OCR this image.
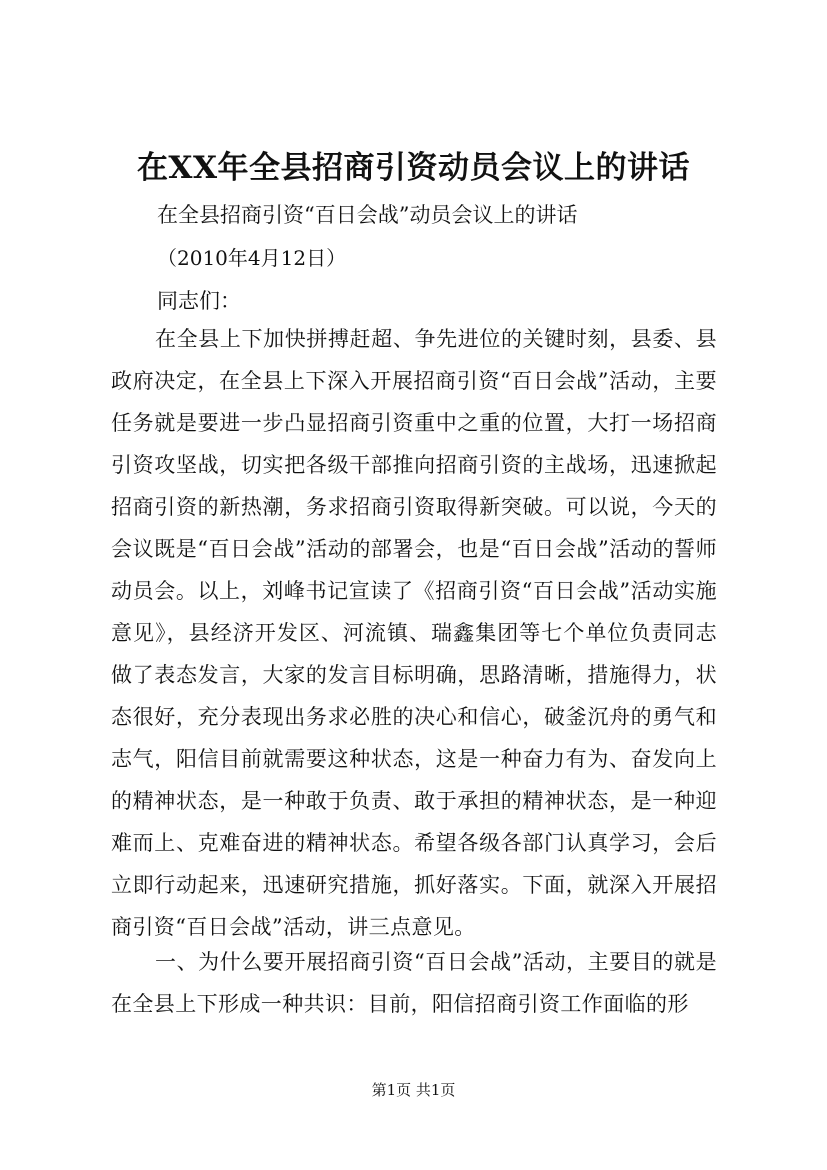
在XX年全县招商引资动员会议上的讲话

在全县招商引资“百日会战”动员会议上的讲话

（2010年4月12日）

同志们：

在全县上下加快拼搏赶超、争先进位的关键时刻，县委、县政府决定，在全县上下深入开展招商引资“百日会战”活动，主要任务就是要进一步凸显招商引资重中之重的位置，大打一场招商引资攻坚战，切实把各级干部推向招商引资的主战场，迅速掀起招商引资的新热潮，务求招商引资取得新突破。可以说，今天的会议既是“百日会战”活动的部署会，也是“百日会战”活动的誓师动员会。以上，刘峰书记宣读了《招商引资“百日会战”活动实施意见》，县经济开发区、河流镇、瑞鑫集团等七个单位负责同志做了表态发言，大家的发言目标明确，思路清晰，措施得力，状态很好，充分表现出务求必胜的决心和信心，破釜沉舟的勇气和志气，阳信目前就需要这种状态，这是一种奋力有为、奋发向上的精神状态，是一种敢于负责、敢于承担的精神状态，是一种迎难而上、克难奋进的精神状态。希望各级各部门认真学习，会后立即行动起来，迅速研究措施，抓好落实。下面，就深入开展招商引资“百日会战”活动，讲三点意见。

一、为什么要开展招商引资“百日会战”活动，主要目的就是在全县上下形成一种共识：目前，阳信招商引资工作面临的形

第1页 共1页
